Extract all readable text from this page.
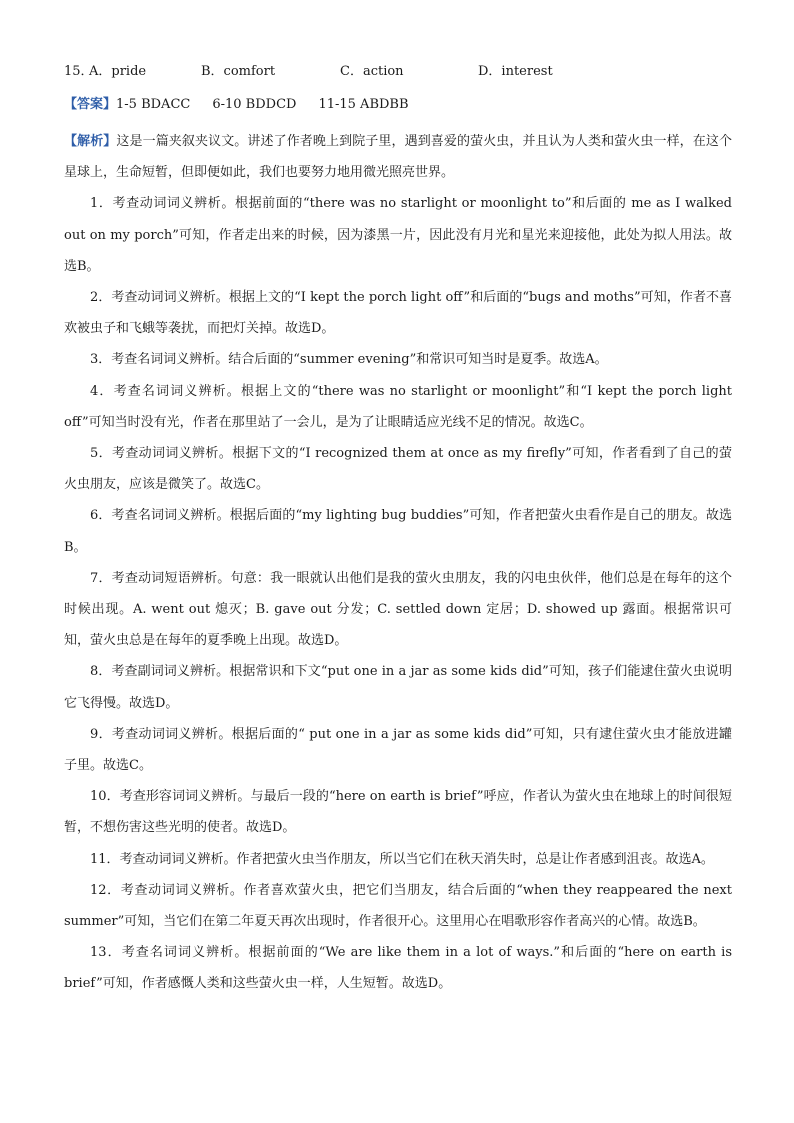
15．
A．pride	B．comfort	C．action	D．interest
【答案】1-5 BDACC 6-10 BDDCD 11-15 ABDBB

【解析】这是一篇夹叙夹议文。讲述了作者晚上到院子里，遇到喜爱的萤火虫，并且认为人类和萤火虫一样，在这个星球上，生命短暂，但即便如此，我们也要努力地用微光照亮世界。

1．考查动词词义辨析。根据前面的“there was no starlight or moonlight to”和后面的 me as I walked out on my porch”可知，作者走出来的时候，因为漆黑一片，因此没有月光和星光来迎接他，此处为拟人用法。故选B。

2．考查动词词义辨析。根据上文的“I kept the porch light off”和后面的“bugs and moths”可知，作者不喜欢被虫子和飞蛾等袭扰，而把灯关掉。故选D。

3．考查名词词义辨析。结合后面的“summer evening”和常识可知当时是夏季。故选A。

4．考查名词词义辨析。根据上文的“there was no starlight or moonlight”和“I kept the porch light off”可知当时没有光，作者在那里站了一会儿，是为了让眼睛适应光线不足的情况。故选C。

5．考查动词词义辨析。根据下文的“I recognized them at once as my firefly”可知，作者看到了自己的萤火虫朋友，应该是微笑了。故选C。

6．考查名词词义辨析。根据后面的“my lighting bug buddies”可知，作者把萤火虫看作是自己的朋友。故选B。

7．考查动词短语辨析。句意：我一眼就认出他们是我的萤火虫朋友，我的闪电虫伙伴，他们总是在每年的这个时候出现。A. went out 熄灭；B. gave out 分发；C. settled down 定居；D. showed up 露面。根据常识可知，萤火虫总是在每年的夏季晚上出现。故选D。

8．考查副词词义辨析。根据常识和下文“put one in a jar as some kids did”可知，孩子们能逮住萤火虫说明它飞得慢。故选D。

9．考查动词词义辨析。根据后面的“ put one in a jar as some kids did”可知，只有逮住萤火虫才能放进罐子里。故选C。

10．考查形容词词义辨析。与最后一段的“here on earth is brief”呼应，作者认为萤火虫在地球上的时间很短暂，不想伤害这些光明的使者。故选D。

11．考查动词词义辨析。作者把萤火虫当作朋友，所以当它们在秋天消失时，总是让作者感到沮丧。故选A。

12．考查动词词义辨析。作者喜欢萤火虫，把它们当朋友，结合后面的“when they reappeared the next summer”可知，当它们在第二年夏天再次出现时，作者很开心。这里用心在唱歌形容作者高兴的心情。故选B。

13．考查名词词义辨析。根据前面的“We are like them in a lot of ways.”和后面的“here on earth is brief”可知，作者感慨人类和这些萤火虫一样，人生短暂。故选D。
